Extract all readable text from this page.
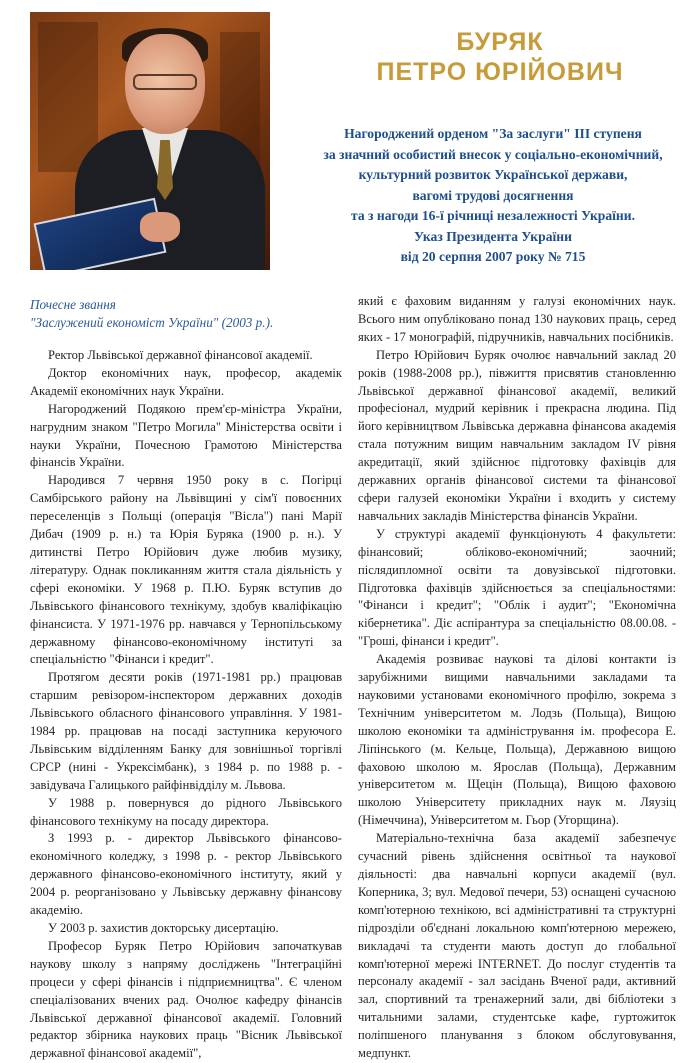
БУРЯК
ПЕТРО ЮРІЙОВИЧ
Нагороджений орденом "За заслуги" ІІІ ступеня
за значний особистий внесок у соціально-економічний,
культурний розвиток Української держави,
вагомі трудові досягнення
та з нагоди 16-ї річниці незалежності України.
Указ Президента України
від 20 серпня 2007 року № 715
Почесне звання
"Заслужений економіст України" (2003 р.).

Ректор Львівської державної фінансової академії.

Доктор економічних наук, професор, академік Академії економічних наук України.

Нагороджений Подякою прем'єр-міністра України, нагрудним знаком "Петро Могила" Міністерства освіти і науки України, Почесною Грамотою Міністерства фінансів України.

Народився 7 червня 1950 року в с. Погірці Самбірського району на Львівщині у сім'ї повоєнних переселенців з Польщі (операція "Вісла") пані Марії Дибач (1909 р. н.) та Юрія Буряка (1900 р. н.). У дитинстві Петро Юрійович дуже любив музику, літературу. Однак покликанням життя стала діяльність у сфері економіки. У 1968 р. П.Ю. Буряк вступив до Львівського фінансового технікуму, здобув кваліфікацію фінансиста. У 1971-1976 рр. навчався у Тернопільському державному фінансово-економічному інституті за спеціальністю "Фінанси і кредит".

Протягом десяти років (1971-1981 рр.) працював старшим ревізором-інспектором державних доходів Львівського обласного фінансового управління. У 1981-1984 рр. працював на посаді заступника керуючого Львівським відділенням Банку для зовнішньої торгівлі СРСР (нині - Укрексімбанк), з 1984 р. по 1988 р. - завідувача Галицького райфінвідділу м. Львова.

У 1988 р. повернувся до рідного Львівського фінансового технікуму на посаду директора.

З 1993 р. - директор Львівського фінансово-економічного коледжу, з 1998 р. - ректор Львівського державного фінансово-економічного інституту, який у 2004 р. реорганізовано у Львівську державну фінансову академію.

У 2003 р. захистив докторську дисертацію.

Професор Буряк Петро Юрійович започаткував наукову школу з напряму досліджень "Інтеграційні процеси у сфері фінансів і підприємництва". Є членом спеціалізованих вчених рад. Очолює кафедру фінансів Львівської державної фінансової академії. Головний редактор збірника наукових праць "Вісник Львівської державної фінансової академії",

який є фаховим виданням у галузі економічних наук. Всього ним опубліковано понад 130 наукових праць, серед яких - 17 монографій, підручників, навчальних посібників.

Петро Юрійович Буряк очолює навчальний заклад 20 років (1988-2008 рр.), півжиття присвятив становленню Львівської державної фінансової академії, великий професіонал, мудрий керівник і прекрасна людина. Під його керівництвом Львівська державна фінансова академія стала потужним вищим навчальним закладом IV рівня акредитації, який здійснює підготовку фахівців для державних органів фінансової системи та фінансової сфери галузей економіки України і входить у систему навчальних закладів Міністерства фінансів України.

У структурі академії функціонують 4 факультети: фінансовий; обліково-економічний; заочний; післядипломної освіти та довузівської підготовки. Підготовка фахівців здійснюється за спеціальностями: "Фінанси і кредит"; "Облік і аудит"; "Економічна кібернетика". Діє аспірантура за спеціальністю 08.00.08. - "Гроші, фінанси і кредит".

Академія розвиває наукові та ділові контакти із зарубіжними вищими навчальними закладами та науковими установами економічного профілю, зокрема з Технічним університетом м. Лодзь (Польща), Вищою школою економіки та адміністрування ім. професора Е. Ліпінського (м. Кельце, Польща), Державною вищою фаховою школою м. Ярослав (Польща), Державним університетом м. Щецін (Польща), Вищою фаховою школою Університету прикладних наук м. Ляузіц (Німеччина), Університетом м. Гьор (Угорщина).

Матеріально-технічна база академії забезпечує сучасний рівень здійснення освітньої та наукової діяльності: два навчальні корпуси академії (вул. Коперника, 3; вул. Медової печери, 53) оснащені сучасною комп'ютерною технікою, всі адміністративні та структурні підрозділи об'єднані локальною комп'ютерною мережею, викладачі та студенти мають доступ до глобальної комп'ютерної мережі INTERNET. До послуг студентів та персоналу академії - зал засідань Вченої ради, активний зал, спортивний та тренажерний зали, дві бібліотеки з читальними залами, студентське кафе, гуртожиток поліпшеного планування з блоком обслуговування, медпункт.
